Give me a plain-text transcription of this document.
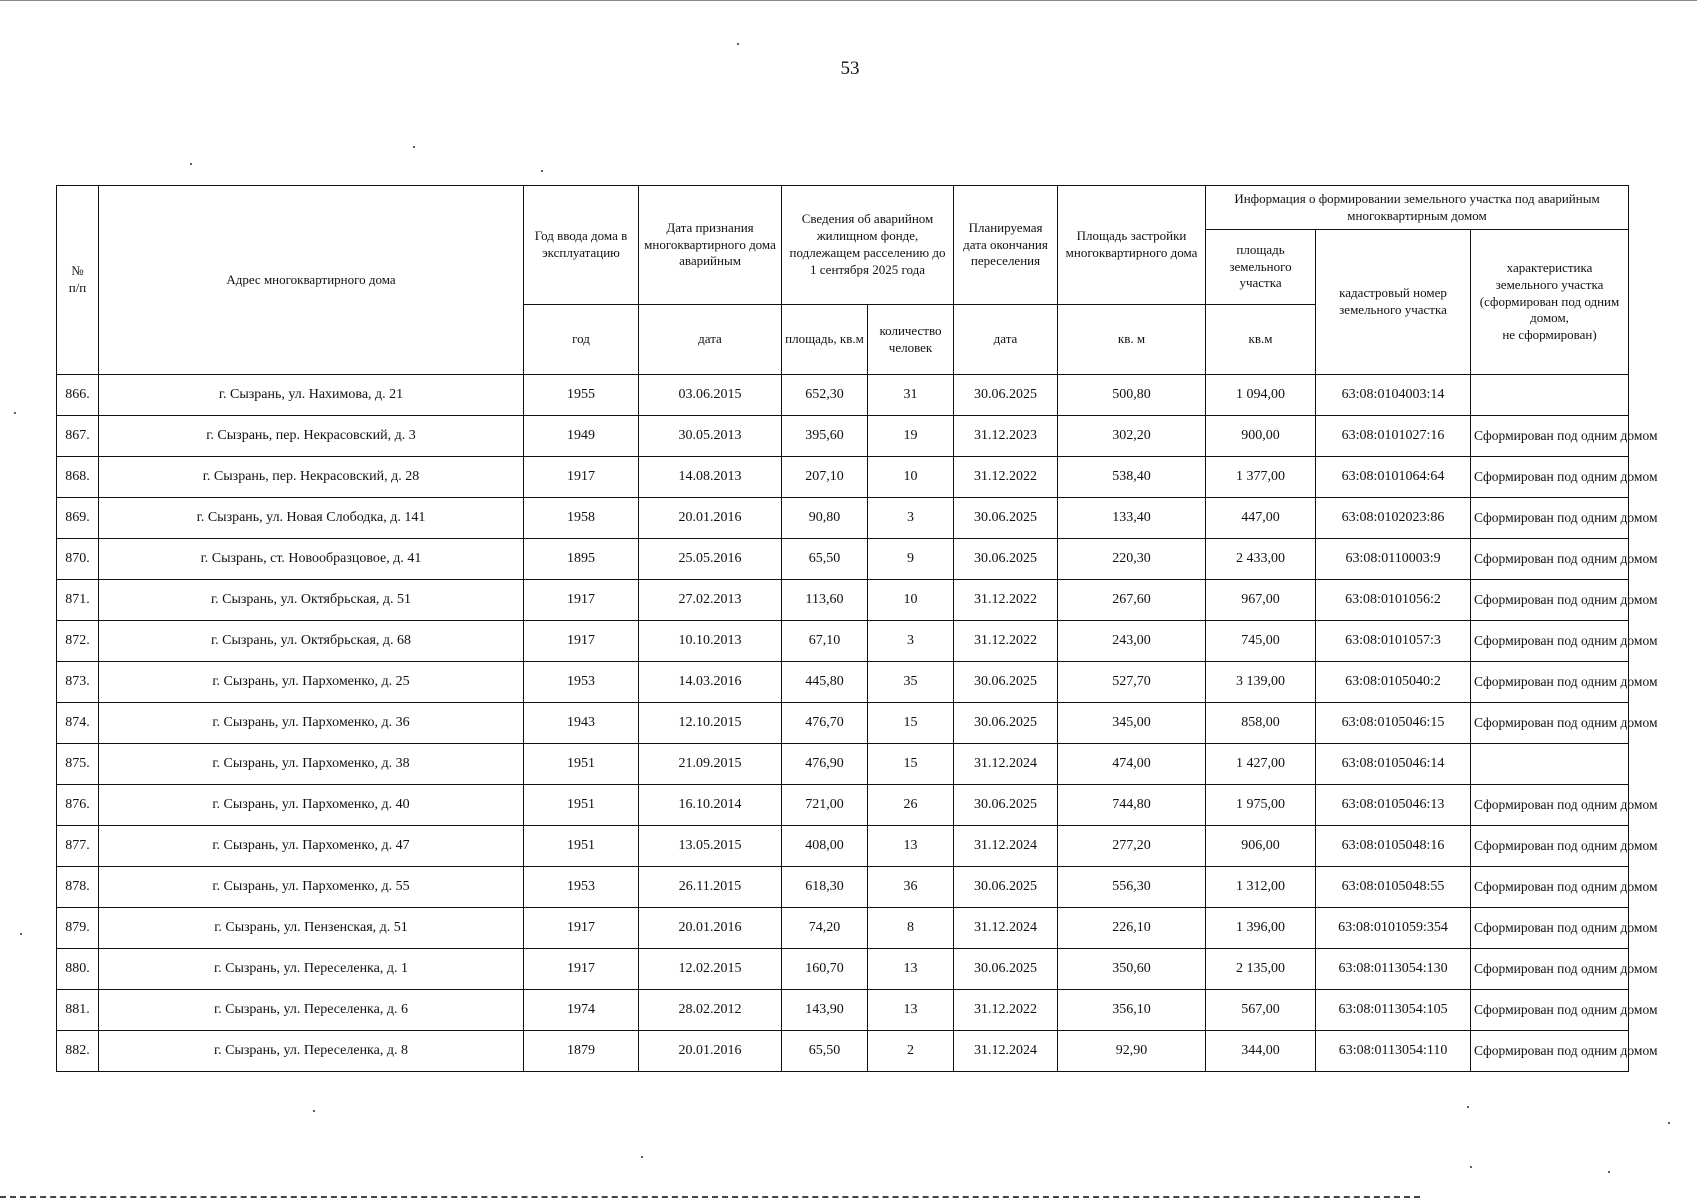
53
№
п/п	Адрес многоквартирного дома	Год ввода дома в эксплуатацию	Дата признания многоквартирного дома аварийным	Сведения об аварийном жилищном фонде, подлежащем расселению до 1 сентября 2025 года		Планируемая дата окончания переселения	Площадь застройки многоквартирного дома	Информация о формировании земельного участка под аварийным многоквартирным домом		
								площадь земельного участка	кадастровый номер земельного участка	характеристика земельного участка (сформирован под одним домом,
не сформирован)
		год	дата	площадь, кв.м	количество человек	дата	кв. м	кв.м		
866.	г. Сызрань, ул. Нахимова, д. 21	1955	03.06.2015	652,30	31	30.06.2025	500,80	1 094,00	63:08:0104003:14	
867.	г. Сызрань, пер. Некрасовский, д. 3	1949	30.05.2013	395,60	19	31.12.2023	302,20	900,00	63:08:0101027:16	Сформирован под одним домом
868.	г. Сызрань, пер. Некрасовский, д. 28	1917	14.08.2013	207,10	10	31.12.2022	538,40	1 377,00	63:08:0101064:64	Сформирован под одним домом
869.	г. Сызрань, ул. Новая Слободка, д. 141	1958	20.01.2016	90,80	3	30.06.2025	133,40	447,00	63:08:0102023:86	Сформирован под одним домом
870.	г. Сызрань, ст. Новообразцовое, д. 41	1895	25.05.2016	65,50	9	30.06.2025	220,30	2 433,00	63:08:0110003:9	Сформирован под одним домом
871.	г. Сызрань, ул. Октябрьская, д. 51	1917	27.02.2013	113,60	10	31.12.2022	267,60	967,00	63:08:0101056:2	Сформирован под одним домом
872.	г. Сызрань, ул. Октябрьская, д. 68	1917	10.10.2013	67,10	3	31.12.2022	243,00	745,00	63:08:0101057:3	Сформирован под одним домом
873.	г. Сызрань, ул. Пархоменко, д. 25	1953	14.03.2016	445,80	35	30.06.2025	527,70	3 139,00	63:08:0105040:2	Сформирован под одним домом
874.	г. Сызрань, ул. Пархоменко, д. 36	1943	12.10.2015	476,70	15	30.06.2025	345,00	858,00	63:08:0105046:15	Сформирован под одним домом
875.	г. Сызрань, ул. Пархоменко, д. 38	1951	21.09.2015	476,90	15	31.12.2024	474,00	1 427,00	63:08:0105046:14	
876.	г. Сызрань, ул. Пархоменко, д. 40	1951	16.10.2014	721,00	26	30.06.2025	744,80	1 975,00	63:08:0105046:13	Сформирован под одним домом
877.	г. Сызрань, ул. Пархоменко, д. 47	1951	13.05.2015	408,00	13	31.12.2024	277,20	906,00	63:08:0105048:16	Сформирован под одним домом
878.	г. Сызрань, ул. Пархоменко, д. 55	1953	26.11.2015	618,30	36	30.06.2025	556,30	1 312,00	63:08:0105048:55	Сформирован под одним домом
879.	г. Сызрань, ул. Пензенская, д. 51	1917	20.01.2016	74,20	8	31.12.2024	226,10	1 396,00	63:08:0101059:354	Сформирован под одним домом
880.	г. Сызрань, ул. Переселенка, д. 1	1917	12.02.2015	160,70	13	30.06.2025	350,60	2 135,00	63:08:0113054:130	Сформирован под одним домом
881.	г. Сызрань, ул. Переселенка, д. 6	1974	28.02.2012	143,90	13	31.12.2022	356,10	567,00	63:08:0113054:105	Сформирован под одним домом
882.	г. Сызрань, ул. Переселенка, д. 8	1879	20.01.2016	65,50	2	31.12.2024	92,90	344,00	63:08:0113054:110	Сформирован под одним домом
